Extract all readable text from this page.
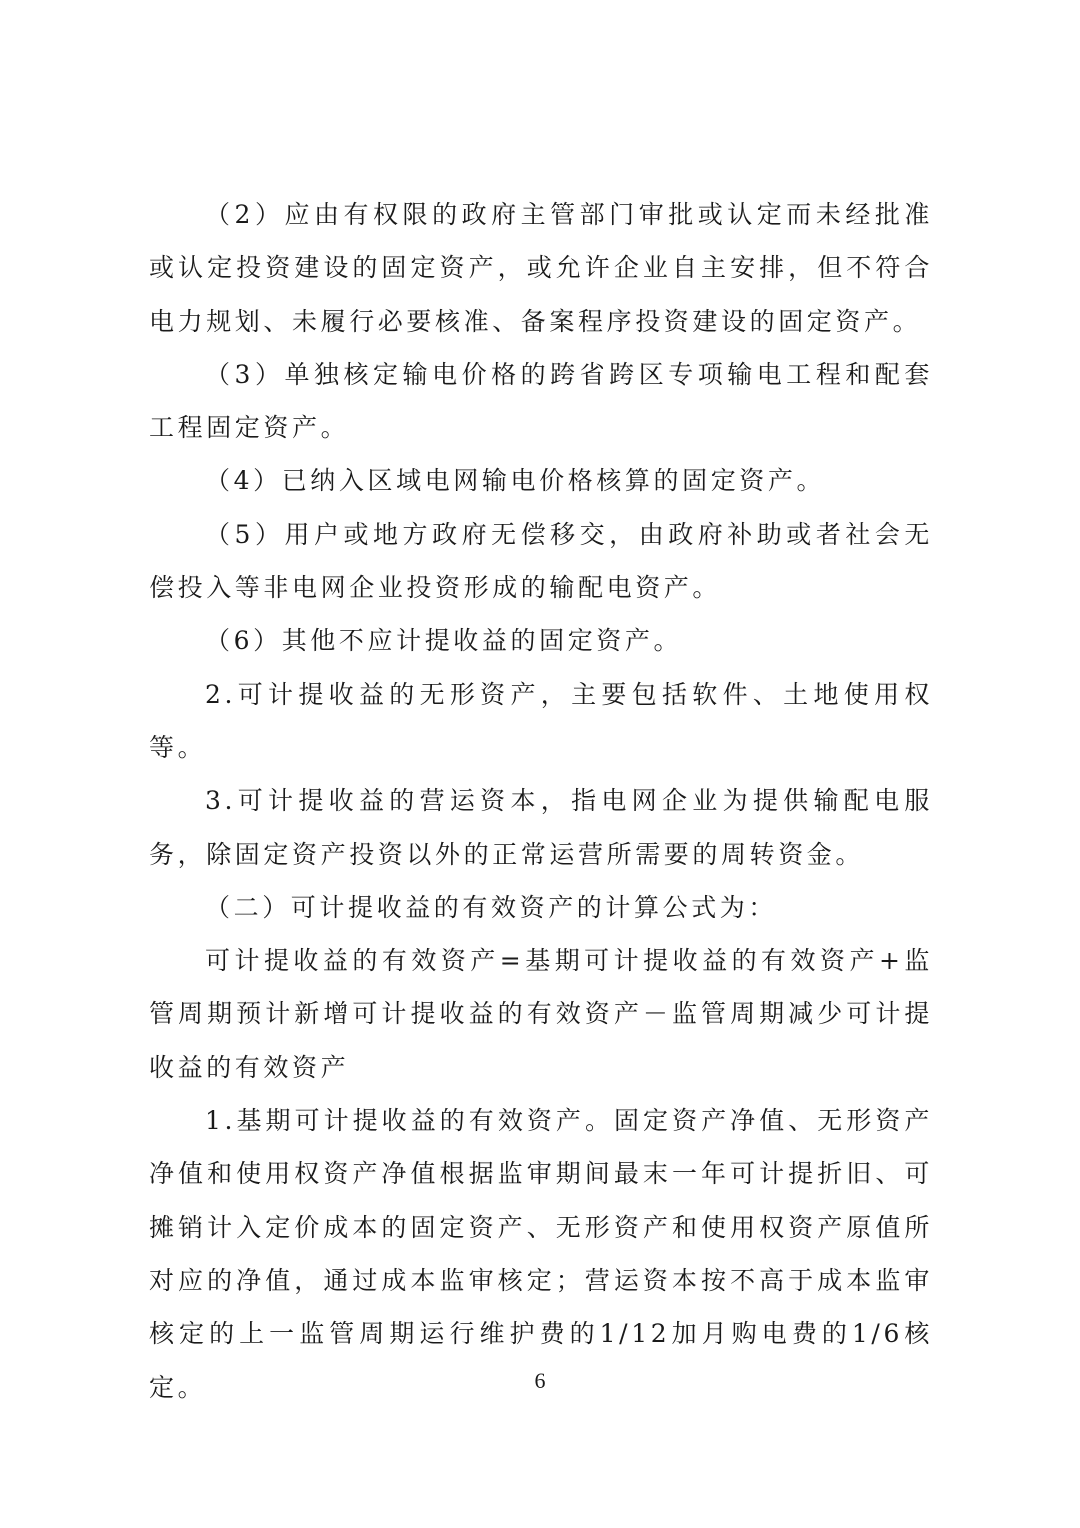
（2）应由有权限的政府主管部门审批或认定而未经批准或认定投资建设的固定资产，或允许企业自主安排，但不符合电力规划、未履行必要核准、备案程序投资建设的固定资产。

（3）单独核定输电价格的跨省跨区专项输电工程和配套工程固定资产。

（4）已纳入区域电网输电价格核算的固定资产。

（5）用户或地方政府无偿移交，由政府补助或者社会无偿投入等非电网企业投资形成的输配电资产。

（6）其他不应计提收益的固定资产。

2.可计提收益的无形资产，主要包括软件、土地使用权等。

3.可计提收益的营运资本，指电网企业为提供输配电服务，除固定资产投资以外的正常运营所需要的周转资金。

（二）可计提收益的有效资产的计算公式为：

可计提收益的有效资产=基期可计提收益的有效资产+监管周期预计新增可计提收益的有效资产－监管周期减少可计提收益的有效资产

1.基期可计提收益的有效资产。固定资产净值、无形资产净值和使用权资产净值根据监审期间最末一年可计提折旧、可摊销计入定价成本的固定资产、无形资产和使用权资产原值所对应的净值，通过成本监审核定；营运资本按不高于成本监审核定的上一监管周期运行维护费的1/12加月购电费的1/6核定。	6
